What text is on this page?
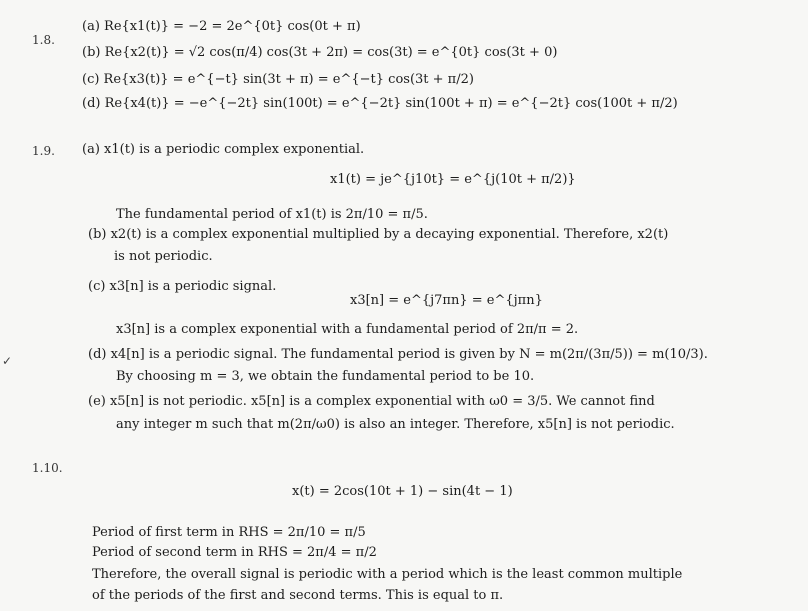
1.8.
(a) Re{x1(t)} = −2 = 2e^{0t} cos(0t + π)
(b) Re{x2(t)} = √2 cos(π/4) cos(3t + 2π) = cos(3t) = e^{0t} cos(3t + 0)
(c) Re{x3(t)} = e^{−t} sin(3t + π) = e^{−t} cos(3t + π/2)
(d) Re{x4(t)} = −e^{−2t} sin(100t) = e^{−2t} sin(100t + π) = e^{−2t} cos(100t + π/2)
1.9. (a) x1(t) is a periodic complex exponential.
x1(t) = je^{j10t} = e^{j(10t + π/2)}
The fundamental period of x1(t) is 2π/10 = π/5.
(b) x2(t) is a complex exponential multiplied by a decaying exponential. Therefore, x2(t)
is not periodic.
(c) x3[n] is a periodic signal.
x3[n] = e^{j7πn} = e^{jπn}
x3[n] is a complex exponential with a fundamental period of 2π/π = 2.
(d) x4[n] is a periodic signal. The fundamental period is given by N = m(2π/(3π/5)) = m(10/3).
By choosing m = 3, we obtain the fundamental period to be 10.
(e) x5[n] is not periodic. x5[n] is a complex exponential with ω0 = 3/5. We cannot find
any integer m such that m(2π/ω0) is also an integer. Therefore, x5[n] is not periodic.
✓
1.10.
x(t) = 2cos(10t + 1) − sin(4t − 1)
Period of first term in RHS = 2π/10 = π/5
Period of second term in RHS = 2π/4 = π/2
Therefore, the overall signal is periodic with a period which is the least common multiple
of the periods of the first and second terms. This is equal to π.
